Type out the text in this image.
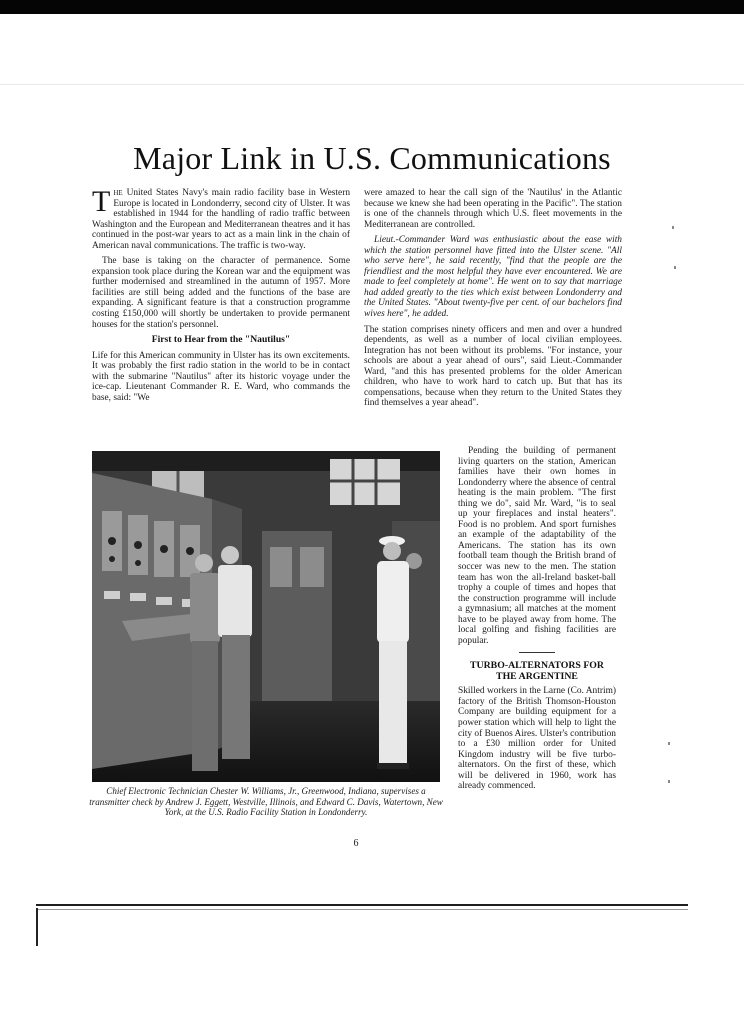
Major Link in U.S. Communications

The United States Navy's main radio facility base in Western Europe is located in Londonderry, second city of Ulster. It was established in 1944 for the handling of radio traffic between Washington and the European and Mediterranean theatres and it has continued in the post-war years to act as a main link in the chain of American naval communications. The traffic is two-way.

The base is taking on the character of permanence. Some expansion took place during the Korean war and the equipment was further modernised and streamlined in the autumn of 1957. More facilities are still being added and the functions of the base are expanding. A significant feature is that a construction programme costing £150,000 will shortly be undertaken to provide permanent houses for the station's personnel.

First to Hear from the "Nautilus"

Life for this American community in Ulster has its own excitements. It was probably the first radio station in the world to be in contact with the submarine "Nautilus" after its historic voyage under the ice-cap. Lieutenant Commander R. E. Ward, who commands the base, said: "We

were amazed to hear the call sign of the 'Nautilus' in the Atlantic because we knew she had been operating in the Pacific". The station is one of the channels through which U.S. fleet movements in the Mediterranean are controlled.

Lieut.-Commander Ward was enthusiastic about the ease with which the station personnel have fitted into the Ulster scene. "All who serve here", he said recently, "find that the people are the friendliest and the most helpful they have ever encountered. We are made to feel completely at home". He went on to say that marriage had added greatly to the ties which exist between Londonderry and the United States. "About twenty-five per cent. of our bachelors find wives here", he added.

The station comprises ninety officers and men and over a hundred dependents, as well as a number of local civilian employees. Integration has not been without its problems. "For instance, your schools are about a year ahead of ours", said Lieut.-Commander Ward, "and this has presented problems for the older American children, who have to work hard to catch up. But that has its compensations, because when they return to the United States they find themselves a year ahead".

Chief Electronic Technician Chester W. Williams, Jr., Greenwood, Indiana, supervises a transmitter check by Andrew J. Eggett, Westville, Illinois, and Edward C. Davis, Watertown, New York, at the U.S. Radio Facility Station in Londonderry.

Pending the building of permanent living quarters on the station, American families have their own homes in Londonderry where the absence of central heating is the main problem. "The first thing we do", said Mr. Ward, "is to seal up your fireplaces and instal heaters". Food is no problem. And sport furnishes an example of the adaptability of the Americans. The station has its own football team though the British brand of soccer was new to the men. The station team has won the all-Ireland basket-ball trophy a couple of times and hopes that the construction programme will include a gymnasium; all matches at the moment have to be played away from home. The local golfing and fishing facilities are popular.

TURBO-ALTERNATORS FOR
THE ARGENTINE

Skilled workers in the Larne (Co. Antrim) factory of the British Thomson-Houston Company are building equipment for a power station which will help to light the city of Buenos Aires. Ulster's contribution to a £30 million order for United Kingdom industry will be five turbo-alternators. On the first of these, which will be delivered in 1960, work has already commenced.

6
